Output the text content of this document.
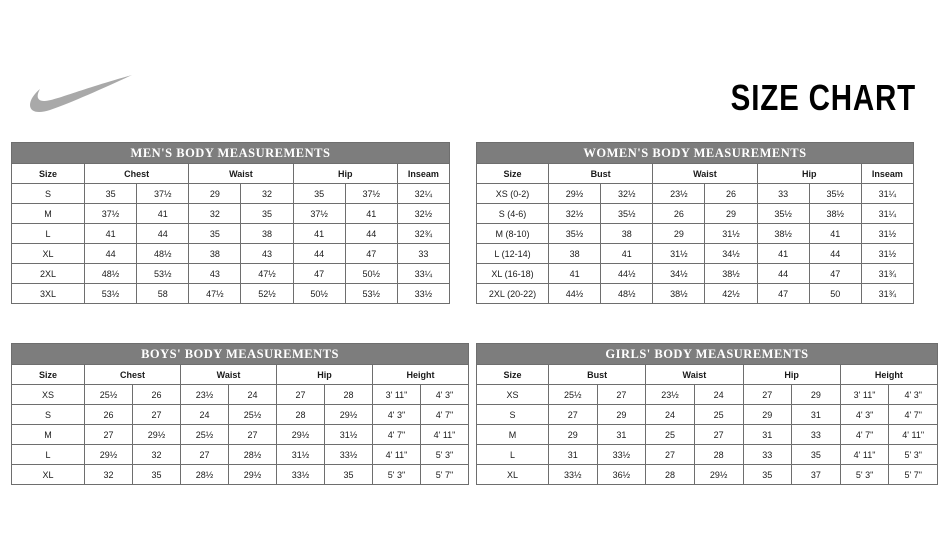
SIZE CHART
MEN'S BODY MEASUREMENTS							
Size	Chest		Waist		Hip		Inseam
S	35	37½	29	32	35	37½	32¼
M	37½	41	32	35	37½	41	32½
L	41	44	35	38	41	44	32¾
XL	44	48½	38	43	44	47	33
2XL	48½	53½	43	47½	47	50½	33¼
3XL	53½	58	47½	52½	50½	53½	33½
WOMEN'S BODY MEASUREMENTS							
Size	Bust		Waist		Hip		Inseam
XS (0-2)	29½	32½	23½	26	33	35½	31¼
S (4-6)	32½	35½	26	29	35½	38½	31¼
M (8-10)	35½	38	29	31½	38½	41	31½
L (12-14)	38	41	31½	34½	41	44	31½
XL (16-18)	41	44½	34½	38½	44	47	31¾
2XL (20-22)	44½	48½	38½	42½	47	50	31¾
BOYS' BODY MEASUREMENTS								
Size	Chest		Waist		Hip		Height	
XS	25½	26	23½	24	27	28	3' 11"	4' 3"
S	26	27	24	25½	28	29½	4' 3"	4' 7"
M	27	29½	25½	27	29½	31½	4' 7"	4' 11"
L	29½	32	27	28½	31½	33½	4' 11"	5' 3"
XL	32	35	28½	29½	33½	35	5' 3"	5' 7"
GIRLS' BODY MEASUREMENTS								
Size	Bust		Waist		Hip		Height	
XS	25½	27	23½	24	27	29	3' 11"	4' 3"
S	27	29	24	25	29	31	4' 3"	4' 7"
M	29	31	25	27	31	33	4' 7"	4' 11"
L	31	33½	27	28	33	35	4' 11"	5' 3"
XL	33½	36½	28	29½	35	37	5' 3"	5' 7"
